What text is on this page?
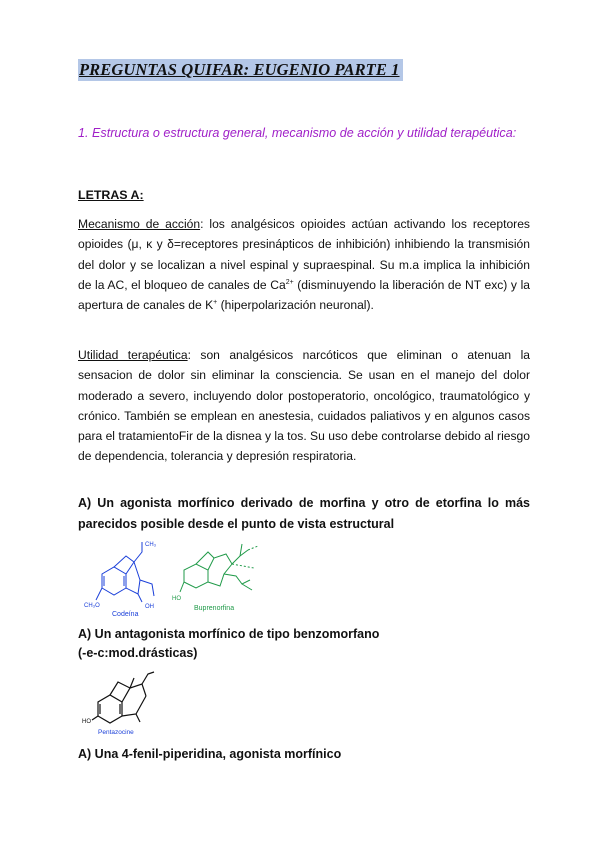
PREGUNTAS QUIFAR: EUGENIO PARTE 1
1. Estructura o estructura general, mecanismo de acción y utilidad terapéutica:
LETRAS A:
Mecanismo de acción: los analgésicos opioides actúan activando los receptores opioides (μ, κ y δ=receptores presinápticos de inhibición) inhibiendo la transmisión del dolor y se localizan a nivel espinal y supraespinal. Su m.a implica la inhibición de la AC, el bloqueo de canales de $Ca^{2+}$ (disminuyendo la liberación de NT exc) y la apertura de canales de K+ (hiperpolarización neuronal).
Utilidad terapéutica: son analgésicos narcóticos que eliminan o atenuan la sensacion de dolor sin eliminar la consciencia. Se usan en el manejo del dolor moderado a severo, incluyendo dolor postoperatorio, oncológico, traumatológico y crónico. También se emplean en anestesia, cuidados paliativos y en algunos casos para el tratamientoFir de la disnea y la tos. Su uso debe controlarse debido al riesgo de dependencia, tolerancia y depresión respiratoria.
A) Un agonista morfínico derivado de morfina y otro de etorfina lo más parecidos posible desde el punto de vista estructural
CH₃
CH₃O	OH
Codeína
HO
Buprenorfina
A) Un antagonista morfínico de tipo benzomorfano
(-e-c:mod.drásticas)
HO
Pentazocine
A) Una 4-fenil-piperidina, agonista morfínico
